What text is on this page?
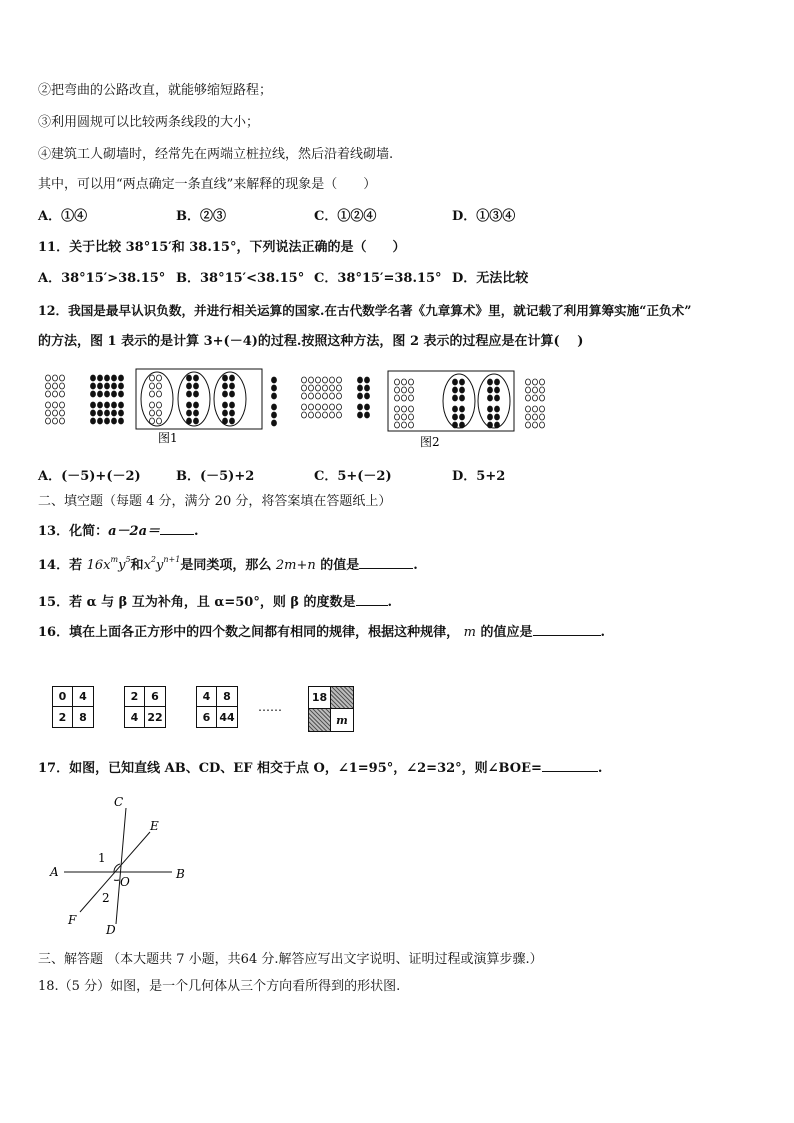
②把弯曲的公路改直，就能够缩短路程；
③利用圆规可以比较两条线段的大小；
④建筑工人砌墙时，经常先在两端立桩拉线，然后沿着线砌墙.
其中，可以用“两点确定一条直线”来解释的现象是（　　）
A．①④	B．②③	C．①②④	D．①③④
11．关于比较 38°15′和 38.15°，下列说法正确的是（　　）
A．38°15′>38.15° B．38°15′<38.15° C．38°15′=38.15° D．无法比较
12．我国是最早认识负数，并进行相关运算的国家.在古代数学名著《九章算术》里，就记载了利用算筹实施“正负术”
的方法，图 1 表示的是计算 3+(－4)的过程.按照这种方法，图 2 表示的过程应是在计算(　 )
图1	图2
A．(－5)+(－2)	B．(－5)+2	C．5+(－2)	D．5+2
二、填空题（每题 4 分，满分 20 分，将答案填在答题纸上）
13．化简：a－2a＝	.
14．若 $16x^my^5$和$x^2y^{n+1}$是同类项，那么 2m+n 的值是	.
15．若 α 与 β 互为补角，且 α=50°，则 β 的度数是 .
16．填在上面各正方形中的四个数之间都有相同的规律，根据这种规律， m 的值应是	.
0	4
2	8
2	6
4 22
4	8
6 44
……
18
m
17．如图，已知直线 AB、CD、EF 相交于点 O，∠1=95°，∠2=32°，则∠BOE=	.
A	B
C
D
E
F
O
1
2
三、解答题 （本大题共 7 小题，共64 分.解答应写出文字说明、证明过程或演算步骤.）
18.（5 分）如图，是一个几何体从三个方向看所得到的形状图.
